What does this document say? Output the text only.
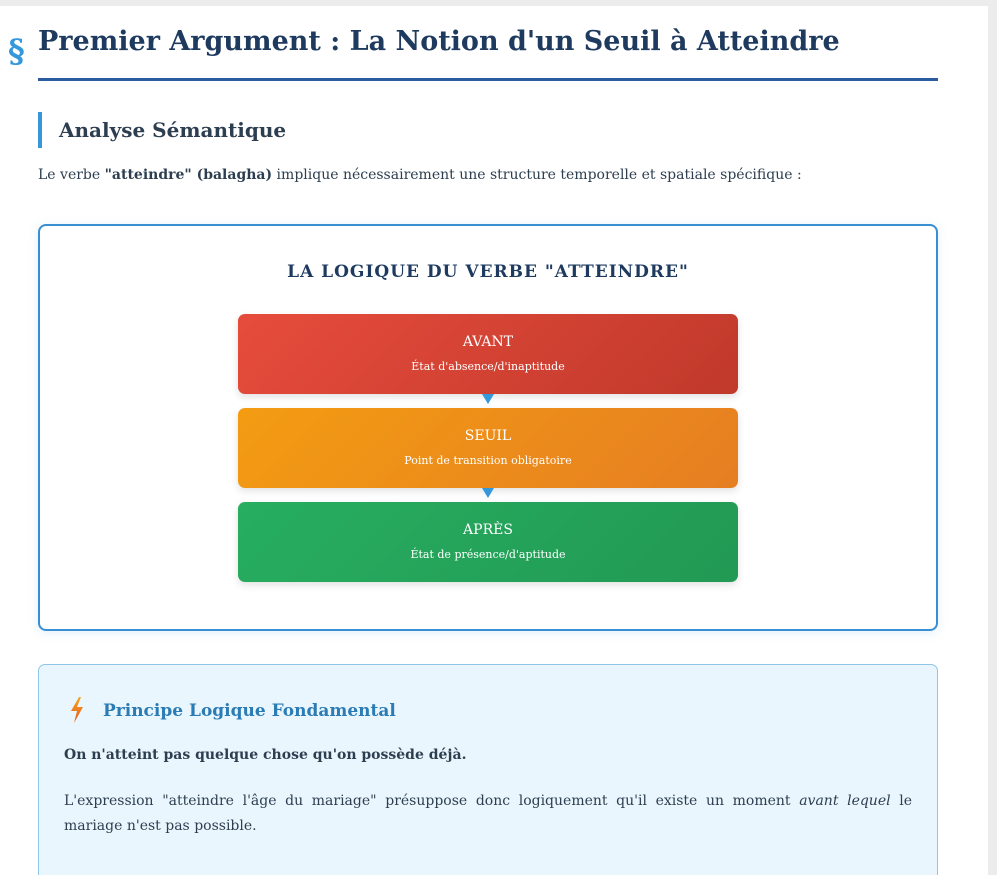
§ Premier Argument : La Notion d'un Seuil à Atteindre
Analyse Sémantique

Le verbe "atteindre" (balagha) implique nécessairement une structure temporelle et spatiale spécifique :

LA LOGIQUE DU VERBE "ATTEINDRE"
AVANT
État d'absence/d'inaptitude
SEUIL
Point de transition obligatoire
APRÈS
État de présence/d'aptitude
Principe Logique Fondamental

On n'atteint pas quelque chose qu'on possède déjà.

L'expression "atteindre l'âge du mariage" présuppose donc logiquement qu'il existe un moment avant lequel le mariage n'est pas possible.
